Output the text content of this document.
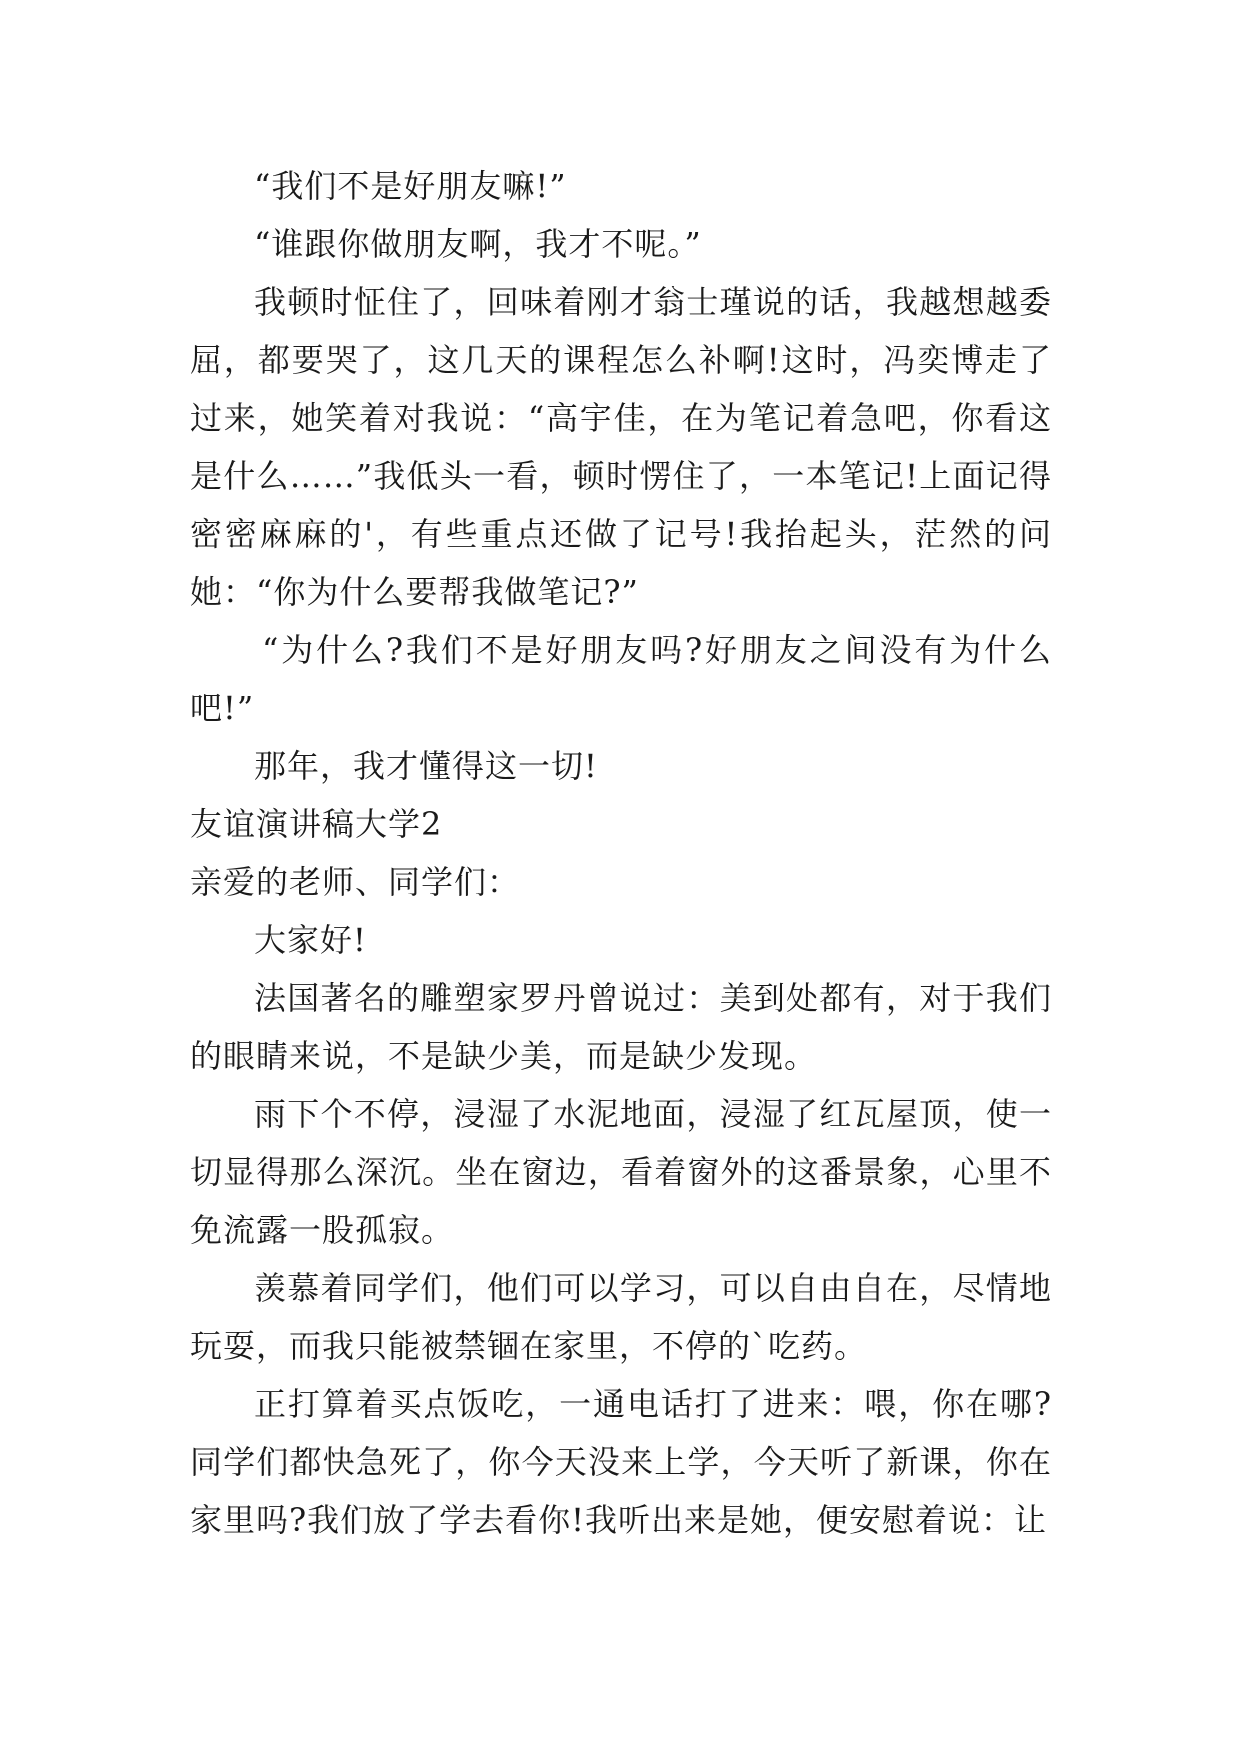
“我们不是好朋友嘛!”

“谁跟你做朋友啊，我才不呢。”

我顿时怔住了，回味着刚才翁士瑾说的话，我越想越委屈，都要哭了，这几天的课程怎么补啊!这时，冯奕博走了过来，她笑着对我说：“高宇佳，在为笔记着急吧，你看这是什么……”我低头一看，顿时愣住了，一本笔记!上面记得密密麻麻的'，有些重点还做了记号!我抬起头，茫然的问她：“你为什么要帮我做笔记?”

“为什么?我们不是好朋友吗?好朋友之间没有为什么吧!”

那年，我才懂得这一切!

友谊演讲稿大学2

亲爱的老师、同学们：

大家好!

法国著名的雕塑家罗丹曾说过：美到处都有，对于我们的眼睛来说，不是缺少美，而是缺少发现。

雨下个不停，浸湿了水泥地面，浸湿了红瓦屋顶，使一切显得那么深沉。坐在窗边，看着窗外的这番景象，心里不免流露一股孤寂。

羡慕着同学们，他们可以学习，可以自由自在，尽情地玩耍，而我只能被禁锢在家里，不停的`吃药。

正打算着买点饭吃，一通电话打了进来：喂，你在哪?同学们都快急死了，你今天没来上学，今天听了新课，你在家里吗?我们放了学去看你!我听出来是她，便安慰着说：让
